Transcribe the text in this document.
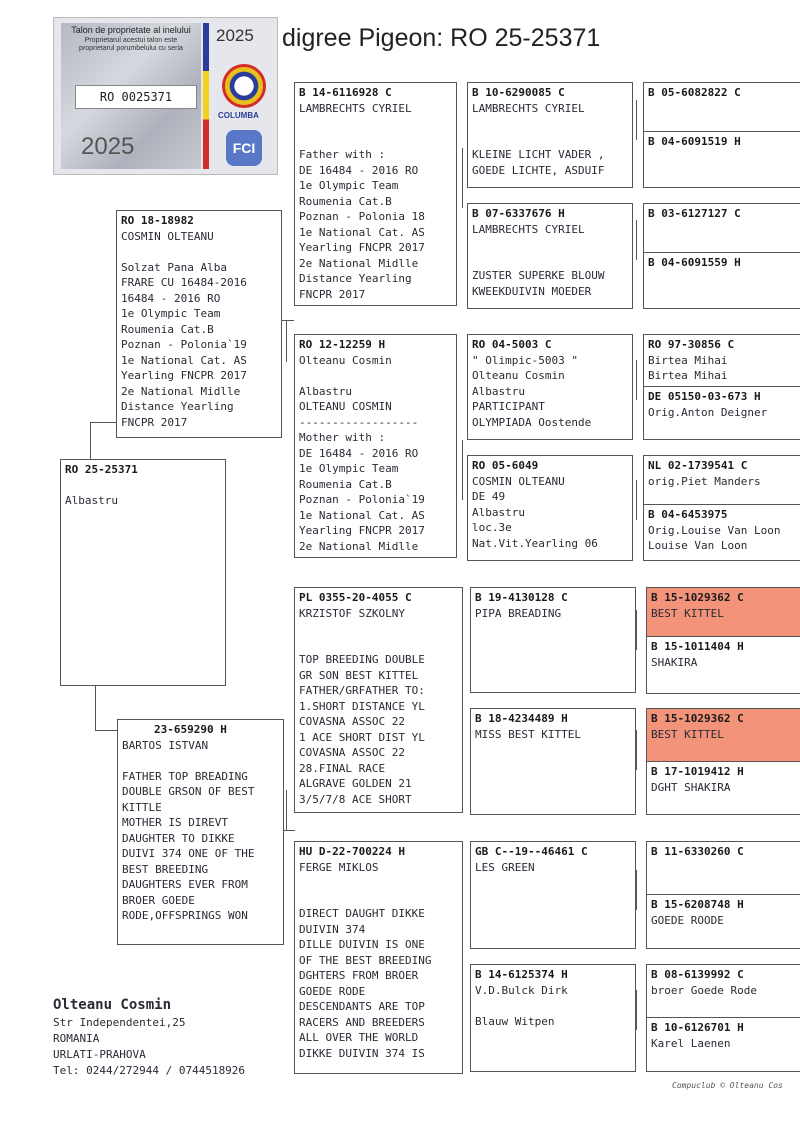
digree Pigeon: RO 25-25371
Talon de proprietate al inelului
Proprietarul acestui talon este
proprietarul porumbelului cu seria
RO 0025371
2025
2025
COLUMBA
FCI
RO 25-25371
Albastru
RO 18-18982
COSMIN OLTEANU

Solzat Pana Alba
FRARE CU 16484-2016
16484 - 2016 RO
1e Olympic Team
Roumenia Cat.B
Poznan - Polonia`19
1e National Cat. AS
Yearling FNCPR 2017
2e National Midlle
Distance Yearling
FNCPR 2017
23-659290 H
BARTOS ISTVAN

FATHER TOP BREADING
DOUBLE GRSON OF BEST
KITTLE
MOTHER IS DIREVT
DAUGHTER TO DIKKE
DUIVI 374 ONE OF THE
BEST BREEDING
DAUGHTERS EVER FROM
BROER GOEDE
RODE,OFFSPRINGS WON
B 14-6116928 C
LAMBRECHTS CYRIEL

Father with :
DE 16484 - 2016 RO
1e Olympic Team
Roumenia Cat.B
Poznan - Polonia 18
1e National Cat. AS
Yearling FNCPR 2017
2e National Midlle
Distance Yearling
FNCPR 2017
RO 12-12259 H
Olteanu Cosmin

Albastru
OLTEANU COSMIN
------------------
Mother with :
DE 16484 - 2016 RO
1e Olympic Team
Roumenia Cat.B
Poznan - Polonia`19
1e National Cat. AS
Yearling FNCPR 2017
2e National Midlle
PL 0355-20-4055 C
KRZISTOF SZKOLNY

TOP BREEDING DOUBLE
GR SON BEST KITTEL
FATHER/GRFATHER TO:
1.SHORT DISTANCE YL
COVASNA ASSOC 22
1 ACE SHORT DIST YL
COVASNA ASSOC 22
28.FINAL RACE
ALGRAVE GOLDEN 21
3/5/7/8 ACE SHORT
HU D-22-700224 H
FERGE MIKLOS

DIRECT DAUGHT DIKKE
DUIVIN 374
DILLE DUIVIN IS ONE
OF THE BEST BREEDING
DGHTERS FROM BROER
GOEDE RODE
DESCENDANTS ARE TOP
RACERS AND BREEDERS
ALL OVER THE WORLD
DIKKE DUIVIN 374 IS
B 10-6290085 C
LAMBRECHTS CYRIEL

KLEINE LICHT VADER ,
GOEDE LICHTE, ASDUIF
B 07-6337676 H
LAMBRECHTS CYRIEL

ZUSTER SUPERKE BLOUW
KWEEKDUIVIN MOEDER
RO 04-5003 C
" Olimpic-5003 "
Olteanu Cosmin
Albastru
PARTICIPANT
OLYMPIADA Oostende
RO 05-6049
COSMIN OLTEANU
DE 49
Albastru
loc.3e
Nat.Vit.Yearling 06
B 19-4130128 C
PIPA BREADING
B 18-4234489 H
MISS BEST KITTEL
GB C--19--46461 C
LES GREEN
B 14-6125374 H
V.D.Bulck Dirk

Blauw Witpen
B 05-6082822 C
B 04-6091519 H
B 03-6127127 C
B 04-6091559 H
RO 97-30856 C
Birtea Mihai
Birtea Mihai
DE 05150-03-673 H
Orig.Anton Deigner
NL 02-1739541 C
orig.Piet Manders
B 04-6453975
Orig.Louise Van Loon
Louise Van Loon
B 15-1029362 C
BEST KITTEL
B 15-1011404 H
SHAKIRA
B 15-1029362 C
BEST KITTEL
B 17-1019412 H
DGHT SHAKIRA
B 11-6330260 C
B 15-6208748 H
GOEDE ROODE
B 08-6139992 C
broer Goede Rode
B 10-6126701 H
Karel Laenen
Olteanu Cosmin
Str Independentei,25
ROMANIA
URLATI-PRAHOVA
Tel: 0244/272944 / 0744518926
Compuclub © Olteanu Cos
